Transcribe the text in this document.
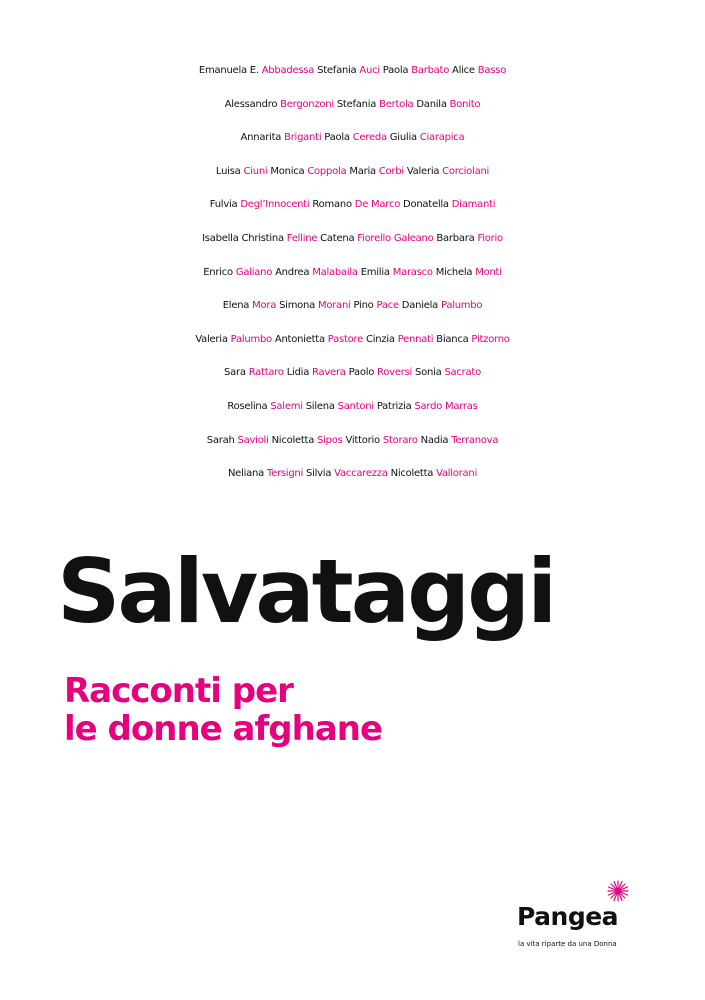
Emanuela E. Abbadessa Stefania Auci Paola Barbato Alice Basso
Alessandro Bergonzoni Stefania Bertola Danila Bonito
Annarita Briganti Paola Cereda Giulia Ciarapica
Luisa Ciuni Monica Coppola Maria Corbi Valeria Corciolani
Fulvia Degl’Innocenti Romano De Marco Donatella Diamanti
Isabella Christina Felline Catena Fiorello Galeano Barbara Fiorio
Enrico Galiano Andrea Malabaila Emilia Marasco Michela Monti
Elena Mora Simona Morani Pino Pace Daniela Palumbo
Valeria Palumbo Antonietta Pastore Cinzia Pennati Bianca Pitzorno
Sara Rattaro Lidia Ravera Paolo Roversi Sonia Sacrato
Roselina Salemi Silena Santoni Patrizia Sardo Marras
Sarah Savioli Nicoletta Sipos Vittorio Storaro Nadia Terranova
Neliana Tersigni Silvia Vaccarezza Nicoletta Vallorani
Salvataggi
Racconti per
le donne afghane
Pangea
la vita riparte da una Donna
